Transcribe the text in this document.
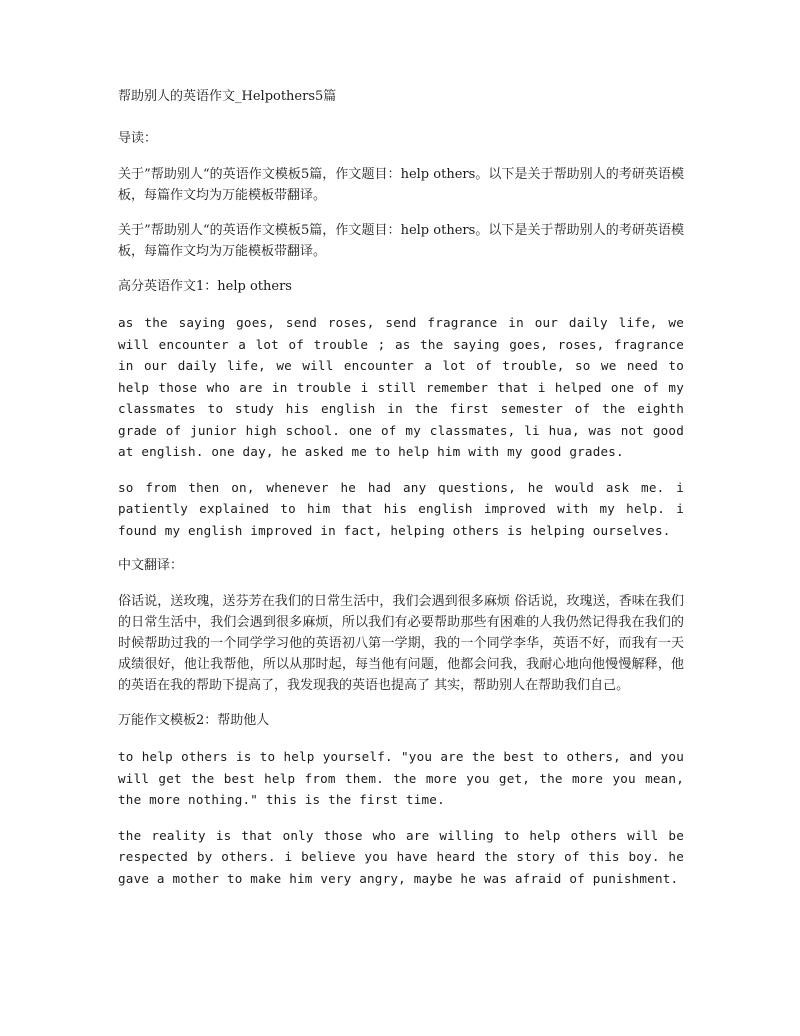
帮助别人的英语作文_Helpothers5篇
导读：

关于”帮助别人“的英语作文模板5篇，作文题目：help others。以下是关于帮助别人的考研英语模板，每篇作文均为万能模板带翻译。

关于”帮助别人“的英语作文模板5篇，作文题目：help others。以下是关于帮助别人的考研英语模板，每篇作文均为万能模板带翻译。

高分英语作文1：help others

as the saying goes, send roses, send fragrance in our daily life, we will encounter a lot of trouble ; as the saying goes, roses, fragrance in our daily life, we will encounter a lot of trouble, so we need to help those who are in trouble i still remember that i helped one of my classmates to study his english in the first semester of the eighth grade of junior high school. one of my classmates, li hua, was not good at english. one day, he asked me to help him with my good grades.

so from then on, whenever he had any questions, he would ask me. i patiently explained to him that his english improved with my help. i found my english improved in fact, helping others is helping ourselves.

中文翻译：

俗话说，送玫瑰，送芬芳在我们的日常生活中，我们会遇到很多麻烦 俗话说，玫瑰送，香味在我们的日常生活中，我们会遇到很多麻烦，所以我们有必要帮助那些有困难的人我仍然记得我在我们的时候帮助过我的一个同学学习他的英语初八第一学期，我的一个同学李华，英语不好，而我有一天成绩很好，他让我帮他，所以从那时起，每当他有问题，他都会问我，我耐心地向他慢慢解释，他的英语在我的帮助下提高了，我发现我的英语也提高了 其实，帮助别人在帮助我们自己。

万能作文模板2：帮助他人

to help others is to help yourself. "you are the best to others, and you will get the best help from them. the more you get, the more you mean, the more nothing." this is the first time.

the reality is that only those who are willing to help others will be respected by others. i believe you have heard the story of this boy. he gave a mother to make him very angry, maybe he was afraid of punishment.
